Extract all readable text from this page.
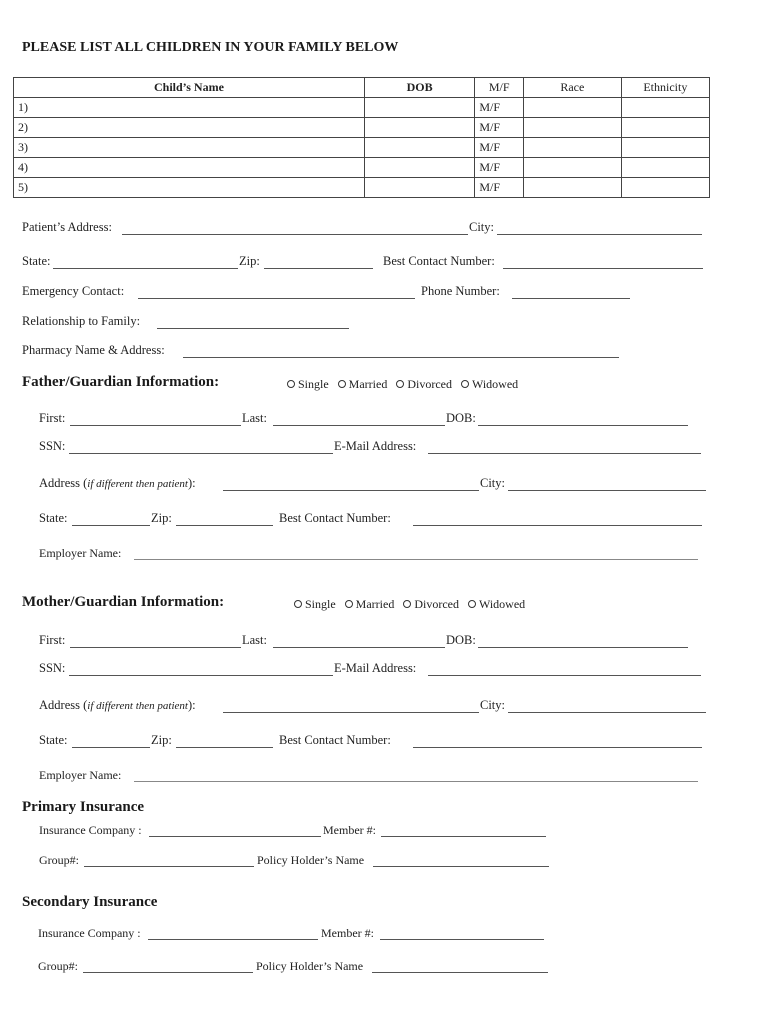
PLEASE LIST ALL CHILDREN IN YOUR FAMILY BELOW
Child’s Name	DOB	M/F	Race	Ethnicity
1)		M/F		
2)		M/F		
3)		M/F		
4)		M/F		
5)		M/F		
Patient’s Address:	City:
State:	Zip:	Best Contact Number:
Emergency Contact:	Phone Number:
Relationship to Family:
Pharmacy Name & Address:
Father/Guardian Information:	Single Married Divorced Widowed
First:	Last:	DOB:
SSN:	E-Mail Address:
Address (if different then patient):	City:
State:	Zip:	Best Contact Number:
Employer Name:
Mother/Guardian Information:	Single Married Divorced Widowed
First:	Last:	DOB:
SSN:	E-Mail Address:
Address (if different then patient):	City:
State:	Zip:	Best Contact Number:
Employer Name:
Primary Insurance
Insurance Company :	Member #:
Group#:	Policy Holder’s Name
Secondary Insurance
Insurance Company :	Member #:
Group#:	Policy Holder’s Name
